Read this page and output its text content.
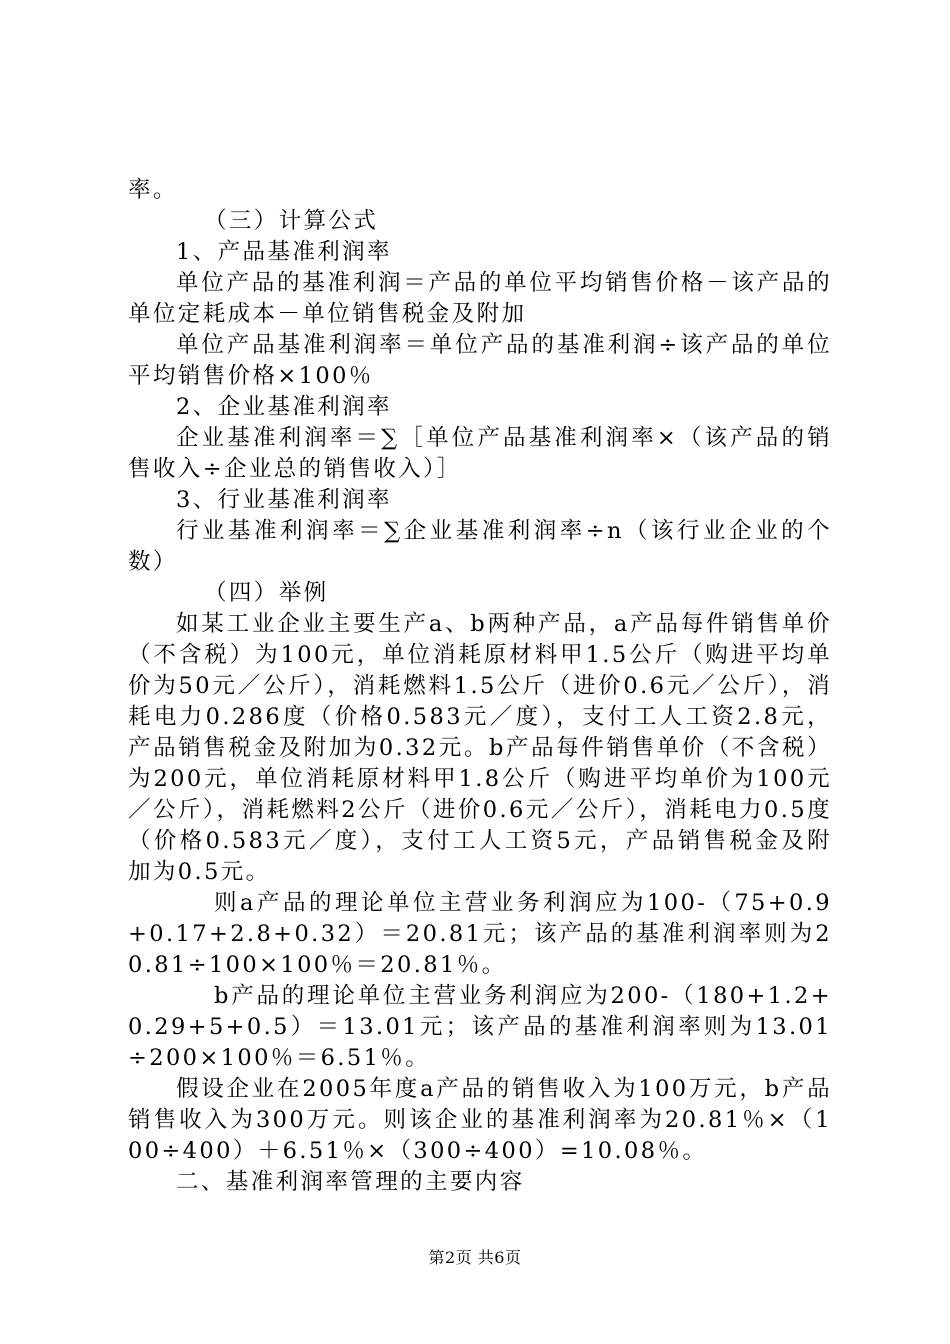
率。

（三）计算公式

1、产品基准利润率

单位产品的基准利润＝产品的单位平均销售价格－该产品的单位定耗成本－单位销售税金及附加

单位产品基准利润率＝单位产品的基准利润÷该产品的单位平均销售价格×100％

2、企业基准利润率

企业基准利润率＝∑［单位产品基准利润率×（该产品的销售收入÷企业总的销售收入）］

3、行业基准利润率

行业基准利润率＝∑企业基准利润率÷n（该行业企业的个数）

（四）举例

如某工业企业主要生产a、b两种产品，a产品每件销售单价（不含税）为100元，单位消耗原材料甲1.5公斤（购进平均单价为50元／公斤），消耗燃料1.5公斤（进价0.6元／公斤），消耗电力0.286度（价格0.583元／度），支付工人工资2.8元，产品销售税金及附加为0.32元。b产品每件销售单价（不含税）为200元，单位消耗原材料甲1.8公斤（购进平均单价为100元／公斤），消耗燃料2公斤（进价0.6元／公斤），消耗电力0.5度（价格0.583元／度），支付工人工资5元，产品销售税金及附加为0.5元。

则a产品的理论单位主营业务利润应为100-（75+0.9+0.17+2.8+0.32）＝20.81元；该产品的基准利润率则为20.81÷100×100％＝20.81％。

b产品的理论单位主营业务利润应为200-（180+1.2+0.29+5+0.5）＝13.01元；该产品的基准利润率则为13.01÷200×100％＝6.51％。

假设企业在2005年度a产品的销售收入为100万元，b产品销售收入为300万元。则该企业的基准利润率为20.81％×（100÷400）＋6.51％×（300÷400）=10.08％。

二、基准利润率管理的主要内容

第2页 共6页
